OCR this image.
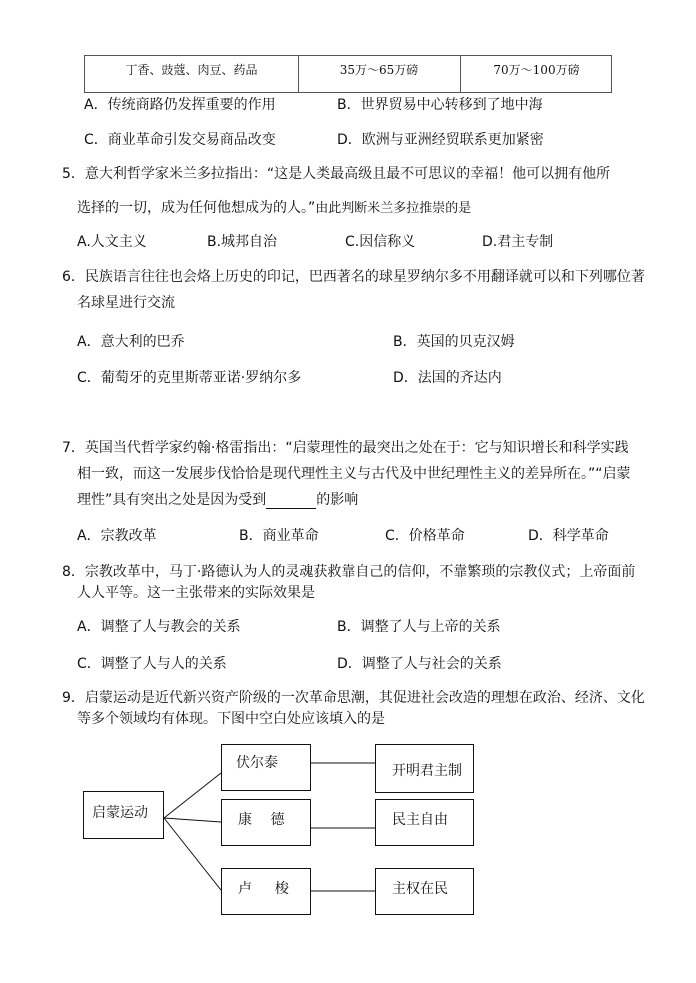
丁香、豉蔻、肉豆、药品	35万～65万磅	70万～100万磅
A．传统商路仍发挥重要的作用	B．世界贸易中心转移到了地中海
C．商业革命引发交易商品改变	D．欧洲与亚洲经贸联系更加紧密
5．意大利哲学家米兰多拉指出：“这是人类最高级且最不可思议的幸福！他可以拥有他所
选择的一切，成为任何他想成为的人。”由此判断米兰多拉推崇的是
A.人文主义	B.城邦自治	C.因信称义	D.君主专制
6．民族语言往往也会烙上历史的印记，巴西著名的球星罗纳尔多不用翻译就可以和下列哪位著
名球星进行交流
A．意大利的巴乔	B．英国的贝克汉姆
C．葡萄牙的克里斯蒂亚诺·罗纳尔多	D．法国的齐达内
7．英国当代哲学家约翰·格雷指出：“启蒙理性的最突出之处在于：它与知识增长和科学实践
相一致，而这一发展步伐恰恰是现代理性主义与古代及中世纪理性主义的差异所在。”“启蒙
理性”具有突出之处是因为受到	的影响
A．宗教改革	B．商业革命	C．价格革命	D．科学革命
8．宗教改革中，马丁·路德认为人的灵魂获救靠自己的信仰，不靠繁琐的宗教仪式；上帝面前
人人平等。这一主张带来的实际效果是
A．调整了人与教会的关系	B．调整了人与上帝的关系
C．调整了人与人的关系	D．调整了人与社会的关系
9．启蒙运动是近代新兴资产阶级的一次革命思潮，其促进社会改造的理想在政治、经济、文化
等多个领域均有体现。下图中空白处应该填入的是
启蒙运动
伏尔泰
康　 德
卢　  梭
开明君主制
民主自由
主权在民
